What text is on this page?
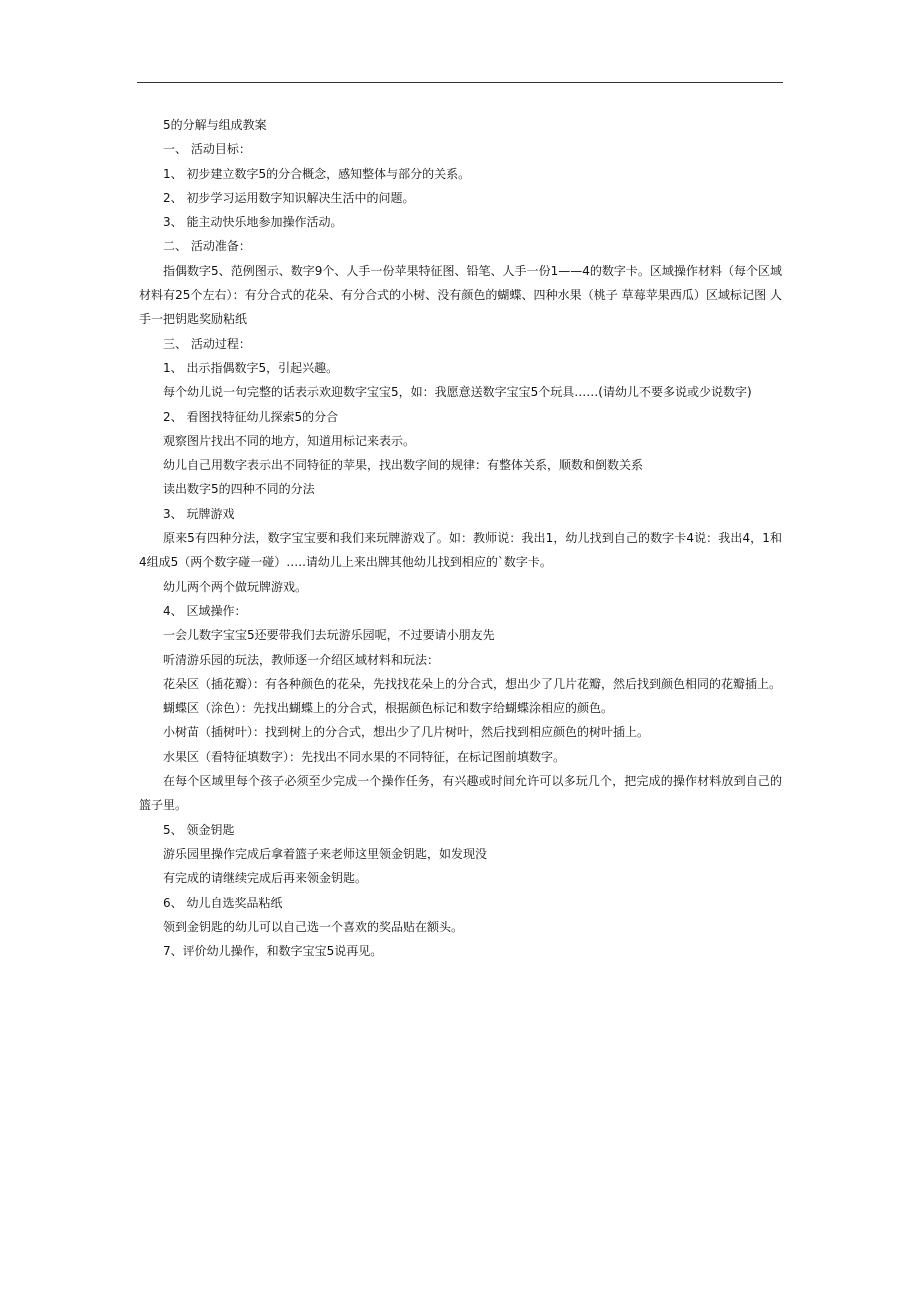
5的分解与组成教案

一、 活动目标：

1、 初步建立数字5的分合概念，感知整体与部分的关系。

2、 初步学习运用数字知识解决生活中的问题。

3、 能主动快乐地参加操作活动。

二、 活动准备：

指偶数字5、范例图示、数字9个、人手一份苹果特征图、铅笔、人手一份1——4的数字卡。区域操作材料（每个区域材料有25个左右）：有分合式的花朵、有分合式的小树、没有颜色的蝴蝶、四种水果（桃子 草莓苹果西瓜）区域标记图 人手一把钥匙奖励粘纸

三、 活动过程：

1、 出示指偶数字5，引起兴趣。

每个幼儿说一句完整的话表示欢迎数字宝宝5，如：我愿意送数字宝宝5个玩具……(请幼儿不要多说或少说数字)

2、 看图找特征幼儿探索5的分合

观察图片找出不同的地方，知道用标记来表示。

幼儿自己用数字表示出不同特征的苹果，找出数字间的规律：有整体关系，顺数和倒数关系

读出数字5的四种不同的分法

3、 玩牌游戏

原来5有四种分法，数字宝宝要和我们来玩牌游戏了。如：教师说：我出1，幼儿找到自己的数字卡4说：我出4，1和4组成5（两个数字碰一碰）…..请幼儿上来出牌其他幼儿找到相应的`数字卡。

幼儿两个两个做玩牌游戏。

4、 区域操作：

一会儿数字宝宝5还要带我们去玩游乐园呢，不过要请小朋友先

听清游乐园的玩法，教师逐一介绍区域材料和玩法：

花朵区（插花瓣）：有各种颜色的花朵，先找找花朵上的分合式，想出少了几片花瓣，然后找到颜色相同的花瓣插上。

蝴蝶区（涂色）：先找出蝴蝶上的分合式，根据颜色标记和数字给蝴蝶涂相应的颜色。

小树苗（插树叶）：找到树上的分合式，想出少了几片树叶，然后找到相应颜色的树叶插上。

水果区（看特征填数字）：先找出不同水果的不同特征，在标记图前填数字。

在每个区域里每个孩子必须至少完成一个操作任务，有兴趣或时间允许可以多玩几个，把完成的操作材料放到自己的篮子里。

5、 领金钥匙

游乐园里操作完成后拿着篮子来老师这里领金钥匙，如发现没

有完成的请继续完成后再来领金钥匙。

6、 幼儿自选奖品粘纸

领到金钥匙的幼儿可以自己选一个喜欢的奖品贴在额头。

7、评价幼儿操作，和数字宝宝5说再见。
